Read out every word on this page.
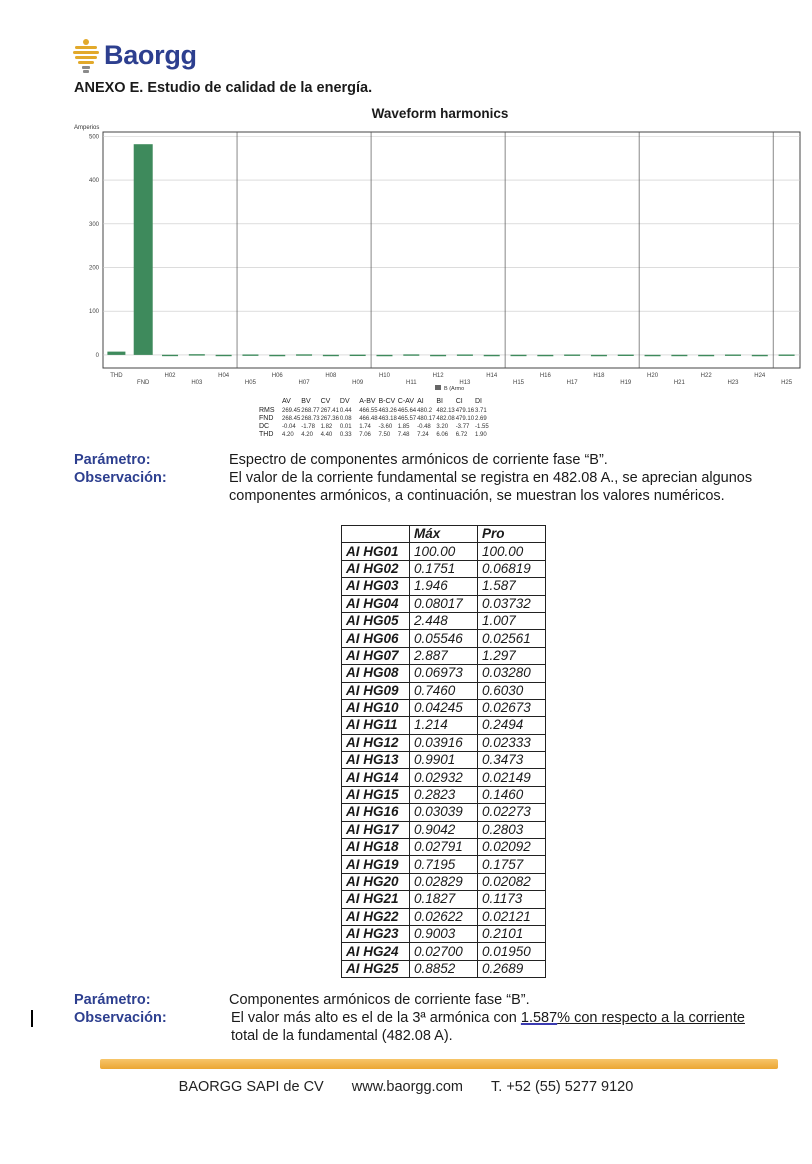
Baorgg
ANEXO E. Estudio de calidad de la energía.
Waveform harmonics
Amperios
500
400
300
200
100
0
THD
FND
H02
H03
H04
H05
H06
H07
H08
H09
H10
H11
H12
H13
H14
H15
H16
H17
H18
H19
H20
H21
H22
H23
H24
H25
B (Armo
AV BV CV DV A-BV B-CV C-AV AI BI CI DI
RMS 269.45 268.77 267.41 0.44 466.55 463.26 465.64 480.2 482.13 479.16 3.71
FND 268.45 268.73 267.36 0.08 466.48 463.18 465.57 480.17 482.08 479.10 2.69
DC -0.04 -1.78 1.82 0.01 1.74 -3.60 1.85 -0.48 3.20 -3.77 -1.55
THD 4.20 4.20 4.40 0.33 7.06 7.50 7.48 7.24 6.06 6.72 1.90
Parámetro:	Espectro de componentes armónicos de corriente fase “B”.
Observación:	El valor de la corriente fundamental se registra en 482.08 A., se aprecian algunos
componentes armónicos, a continuación, se muestran los valores numéricos.
	Máx	Pro
AI HG01	100.00	100.00
AI HG02	0.1751	0.06819
AI HG03	1.946	1.587
AI HG04	0.08017	0.03732
AI HG05	2.448	1.007
AI HG06	0.05546	0.02561
AI HG07	2.887	1.297
AI HG08	0.06973	0.03280
AI HG09	0.7460	0.6030
AI HG10	0.04245	0.02673
AI HG11	1.214	0.2494
AI HG12	0.03916	0.02333
AI HG13	0.9901	0.3473
AI HG14	0.02932	0.02149
AI HG15	0.2823	0.1460
AI HG16	0.03039	0.02273
AI HG17	0.9042	0.2803
AI HG18	0.02791	0.02092
AI HG19	0.7195	0.1757
AI HG20	0.02829	0.02082
AI HG21	0.1827	0.1173
AI HG22	0.02622	0.02121
AI HG23	0.9003	0.2101
AI HG24	0.02700	0.01950
AI HG25	0.8852	0.2689
Parámetro:	Componentes armónicos de corriente fase “B”.
Observación:	El valor más alto es el de la 3ª armónica con 1.587% con respecto a la corriente
total de la fundamental (482.08 A).
BAORGG SAPI de CV www.baorgg.com T. +52 (55) 5277 9120
